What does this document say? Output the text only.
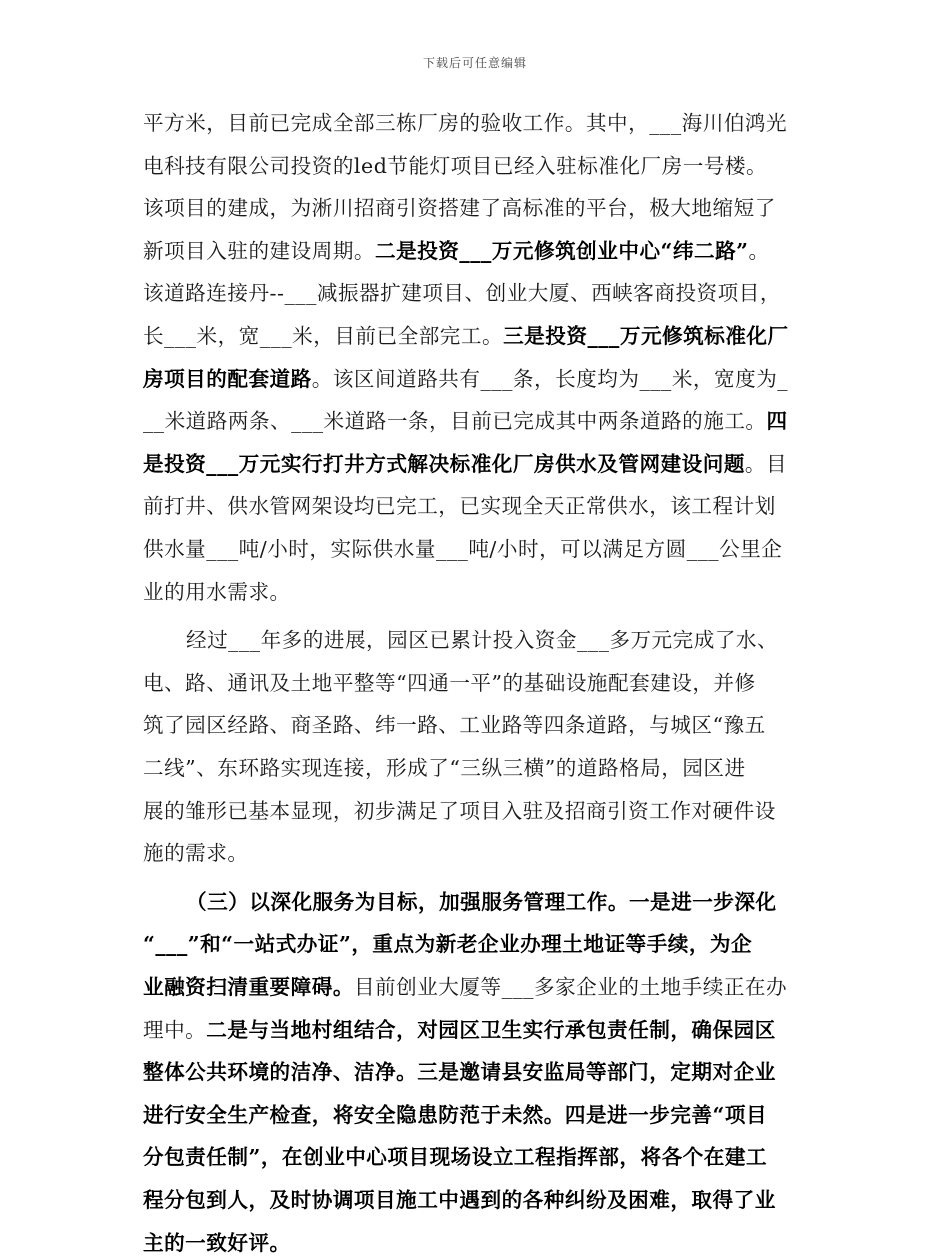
下载后可任意编辑
平方米，目前已完成全部三栋厂房的验收工作。其中，___海川伯鸿光
电科技有限公司投资的led节能灯项目已经入驻标准化厂房一号楼。
该项目的建成，为淅川招商引资搭建了高标准的平台，极大地缩短了
新项目入驻的建设周期。二是投资___万元修筑创业中心“纬二路”。
该道路连接丹--___减振器扩建项目、创业大厦、西峡客商投资项目，
长___米，宽___米，目前已全部完工。三是投资___万元修筑标准化厂
房项目的配套道路。该区间道路共有___条，长度均为___米，宽度为_
__米道路两条、___米道路一条，目前已完成其中两条道路的施工。四
是投资___万元实行打井方式解决标准化厂房供水及管网建设问题。目
前打井、供水管网架设均已完工，已实现全天正常供水，该工程计划
供水量___吨/小时，实际供水量___吨/小时，可以满足方圆___公里企
业的用水需求。
经过___年多的进展，园区已累计投入资金___多万元完成了水、
电、路、通讯及土地平整等“四通一平”的基础设施配套建设，并修
筑了园区经路、商圣路、纬一路、工业路等四条道路，与城区“豫五
二线”、东环路实现连接，形成了“三纵三横”的道路格局，园区进
展的雏形已基本显现，初步满足了项目入驻及招商引资工作对硬件设
施的需求。
（三）以深化服务为目标，加强服务管理工作。一是进一步深化
“___”和“一站式办证”，重点为新老企业办理土地证等手续，为企
业融资扫清重要障碍。目前创业大厦等___多家企业的土地手续正在办
理中。二是与当地村组结合，对园区卫生实行承包责任制，确保园区
整体公共环境的洁净、洁净。三是邀请县安监局等部门，定期对企业
进行安全生产检查，将安全隐患防范于未然。四是进一步完善“项目
分包责任制”，在创业中心项目现场设立工程指挥部，将各个在建工
程分包到人，及时协调项目施工中遇到的各种纠纷及困难，取得了业
主的一致好评。
